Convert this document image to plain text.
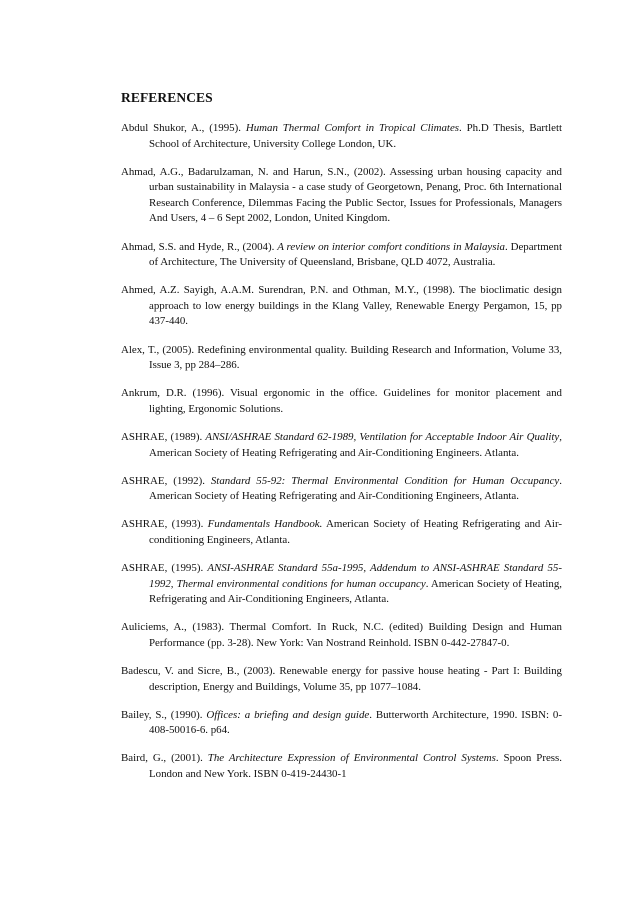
REFERENCES
Abdul Shukor, A., (1995). Human Thermal Comfort in Tropical Climates. Ph.D Thesis, Bartlett School of Architecture, University College London, UK.
Ahmad, A.G., Badarulzaman, N. and Harun, S.N., (2002). Assessing urban housing capacity and urban sustainability in Malaysia - a case study of Georgetown, Penang, Proc. 6th International Research Conference, Dilemmas Facing the Public Sector, Issues for Professionals, Managers And Users, 4 – 6 Sept 2002, London, United Kingdom.
Ahmad, S.S. and Hyde, R., (2004). A review on interior comfort conditions in Malaysia. Department of Architecture, The University of Queensland, Brisbane, QLD 4072, Australia.
Ahmed, A.Z. Sayigh, A.A.M. Surendran, P.N. and Othman, M.Y., (1998). The bioclimatic design approach to low energy buildings in the Klang Valley, Renewable Energy Pergamon, 15, pp 437-440.
Alex, T., (2005). Redefining environmental quality. Building Research and Information, Volume 33, Issue 3, pp 284–286.
Ankrum, D.R. (1996). Visual ergonomic in the office. Guidelines for monitor placement and lighting, Ergonomic Solutions.
ASHRAE, (1989). ANSI/ASHRAE Standard 62-1989, Ventilation for Acceptable Indoor Air Quality, American Society of Heating Refrigerating and Air-Conditioning Engineers. Atlanta.
ASHRAE, (1992). Standard 55-92: Thermal Environmental Condition for Human Occupancy. American Society of Heating Refrigerating and Air-Conditioning Engineers, Atlanta.
ASHRAE, (1993). Fundamentals Handbook. American Society of Heating Refrigerating and Air-conditioning Engineers, Atlanta.
ASHRAE, (1995). ANSI-ASHRAE Standard 55a-1995, Addendum to ANSI-ASHRAE Standard 55-1992, Thermal environmental conditions for human occupancy. American Society of Heating, Refrigerating and Air-Conditioning Engineers, Atlanta.
Auliciems, A., (1983). Thermal Comfort. In Ruck, N.C. (edited) Building Design and Human Performance (pp. 3-28). New York: Van Nostrand Reinhold. ISBN 0-442-27847-0.
Badescu, V. and Sicre, B., (2003). Renewable energy for passive house heating - Part I: Building description, Energy and Buildings, Volume 35, pp 1077–1084.
Bailey, S., (1990). Offices: a briefing and design guide. Butterworth Architecture, 1990. ISBN: 0-408-50016-6. p64.
Baird, G., (2001). The Architecture Expression of Environmental Control Systems. Spoon Press. London and New York. ISBN 0-419-24430-1
